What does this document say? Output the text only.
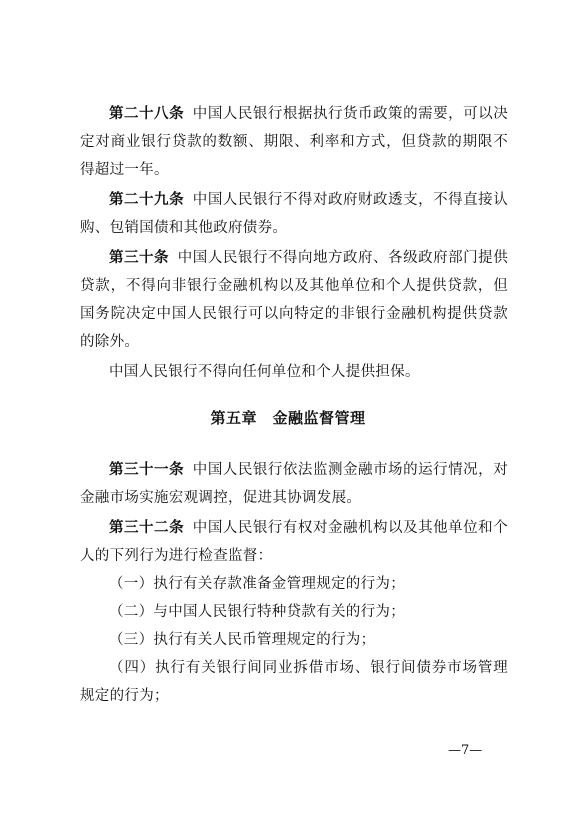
第二十八条 中国人民银行根据执行货币政策的需要，可以决定对商业银行贷款的数额、期限、利率和方式，但贷款的期限不得超过一年。

第二十九条 中国人民银行不得对政府财政透支，不得直接认购、包销国债和其他政府债券。

第三十条 中国人民银行不得向地方政府、各级政府部门提供贷款，不得向非银行金融机构以及其他单位和个人提供贷款，但国务院决定中国人民银行可以向特定的非银行金融机构提供贷款的除外。

中国人民银行不得向任何单位和个人提供担保。

第五章　金融监督管理

第三十一条 中国人民银行依法监测金融市场的运行情况，对金融市场实施宏观调控，促进其协调发展。

第三十二条 中国人民银行有权对金融机构以及其他单位和个人的下列行为进行检查监督：

（一）执行有关存款准备金管理规定的行为；

（二）与中国人民银行特种贷款有关的行为；

（三）执行有关人民币管理规定的行为；

（四）执行有关银行间同业拆借市场、银行间债券市场管理规定的行为；

—7—
